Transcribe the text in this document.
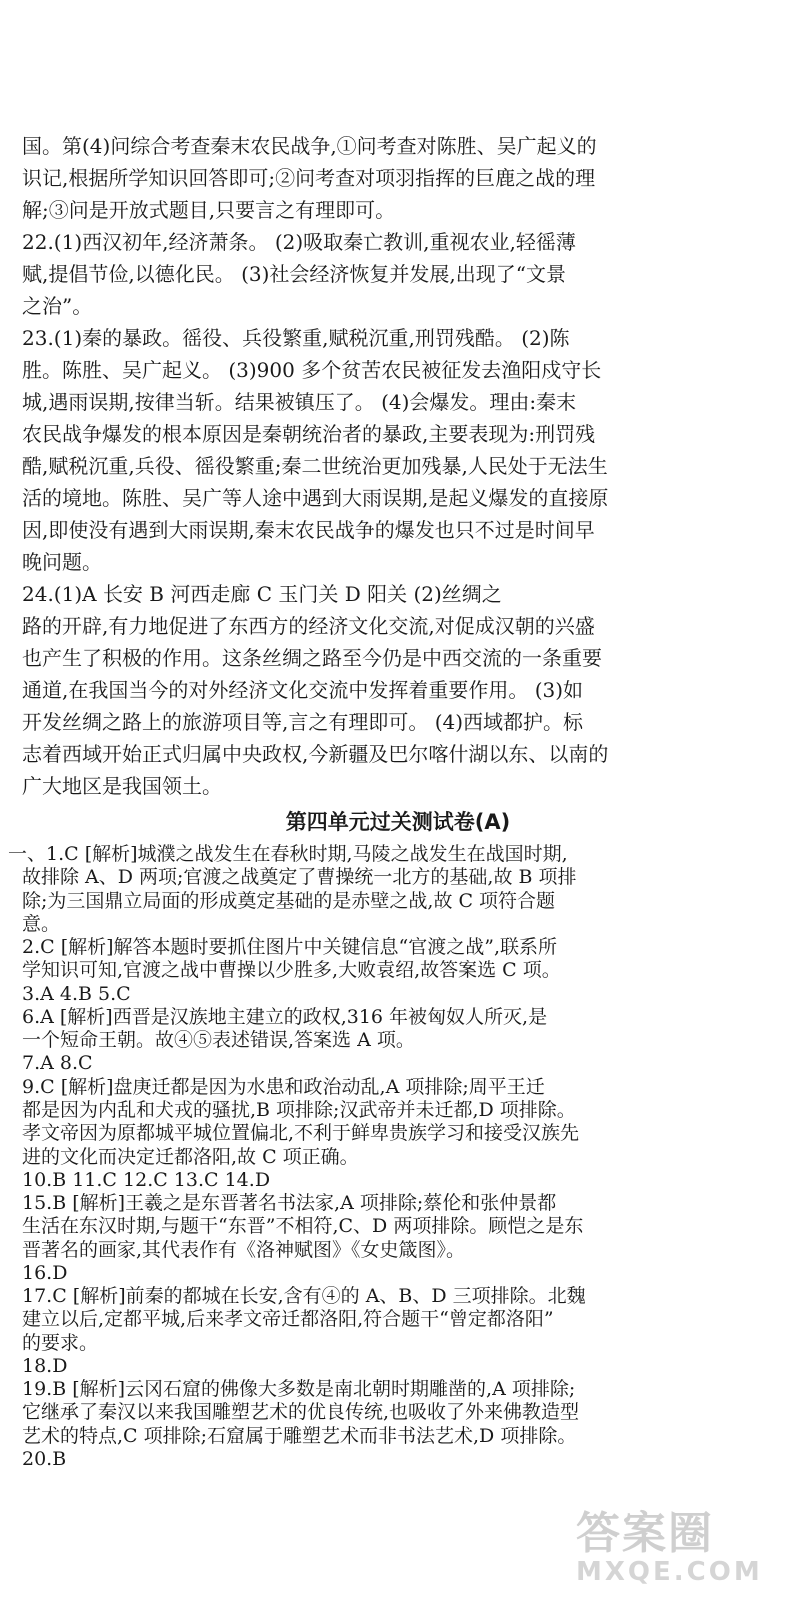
国。第(4)问综合考查秦末农民战争,①问考查对陈胜、吴广起义的
识记,根据所学知识回答即可;②问考查对项羽指挥的巨鹿之战的理
解;③问是开放式题目,只要言之有理即可。
22.(1)西汉初年,经济萧条。 (2)吸取秦亡教训,重视农业,轻徭薄
赋,提倡节俭,以德化民。 (3)社会经济恢复并发展,出现了“文景
之治”。
23.(1)秦的暴政。徭役、兵役繁重,赋税沉重,刑罚残酷。 (2)陈
胜。陈胜、吴广起义。 (3)900 多个贫苦农民被征发去渔阳戍守长
城,遇雨误期,按律当斩。结果被镇压了。 (4)会爆发。理由:秦末
农民战争爆发的根本原因是秦朝统治者的暴政,主要表现为:刑罚残
酷,赋税沉重,兵役、徭役繁重;秦二世统治更加残暴,人民处于无法生
活的境地。陈胜、吴广等人途中遇到大雨误期,是起义爆发的直接原
因,即使没有遇到大雨误期,秦末农民战争的爆发也只不过是时间早
晚问题。
24.(1)A 长安 B 河西走廊 C 玉门关 D 阳关 (2)丝绸之
路的开辟,有力地促进了东西方的经济文化交流,对促成汉朝的兴盛
也产生了积极的作用。这条丝绸之路至今仍是中西交流的一条重要
通道,在我国当今的对外经济文化交流中发挥着重要作用。 (3)如
开发丝绸之路上的旅游项目等,言之有理即可。 (4)西域都护。标
志着西域开始正式归属中央政权,今新疆及巴尔喀什湖以东、以南的
广大地区是我国领土。
第四单元过关测试卷(A)
一、1.C [解析]城濮之战发生在春秋时期,马陵之战发生在战国时期,
故排除 A、D 两项;官渡之战奠定了曹操统一北方的基础,故 B 项排
除;为三国鼎立局面的形成奠定基础的是赤壁之战,故 C 项符合题
意。
2.C [解析]解答本题时要抓住图片中关键信息“官渡之战”,联系所
学知识可知,官渡之战中曹操以少胜多,大败袁绍,故答案选 C 项。
3.A 4.B 5.C
6.A [解析]西晋是汉族地主建立的政权,316 年被匈奴人所灭,是
一个短命王朝。故④⑤表述错误,答案选 A 项。
7.A 8.C
9.C [解析]盘庚迁都是因为水患和政治动乱,A 项排除;周平王迁
都是因为内乱和犬戎的骚扰,B 项排除;汉武帝并未迁都,D 项排除。
孝文帝因为原都城平城位置偏北,不利于鲜卑贵族学习和接受汉族先
进的文化而决定迁都洛阳,故 C 项正确。
10.B 11.C 12.C 13.C 14.D
15.B [解析]王羲之是东晋著名书法家,A 项排除;蔡伦和张仲景都
生活在东汉时期,与题干“东晋”不相符,C、D 两项排除。顾恺之是东
晋著名的画家,其代表作有《洛神赋图》《女史箴图》。
16.D
17.C [解析]前秦的都城在长安,含有④的 A、B、D 三项排除。北魏
建立以后,定都平城,后来孝文帝迁都洛阳,符合题干“曾定都洛阳”
的要求。
18.D
19.B [解析]云冈石窟的佛像大多数是南北朝时期雕凿的,A 项排除;
它继承了秦汉以来我国雕塑艺术的优良传统,也吸收了外来佛教造型
艺术的特点,C 项排除;石窟属于雕塑艺术而非书法艺术,D 项排除。
20.B
答案圈
MXQE.COM
